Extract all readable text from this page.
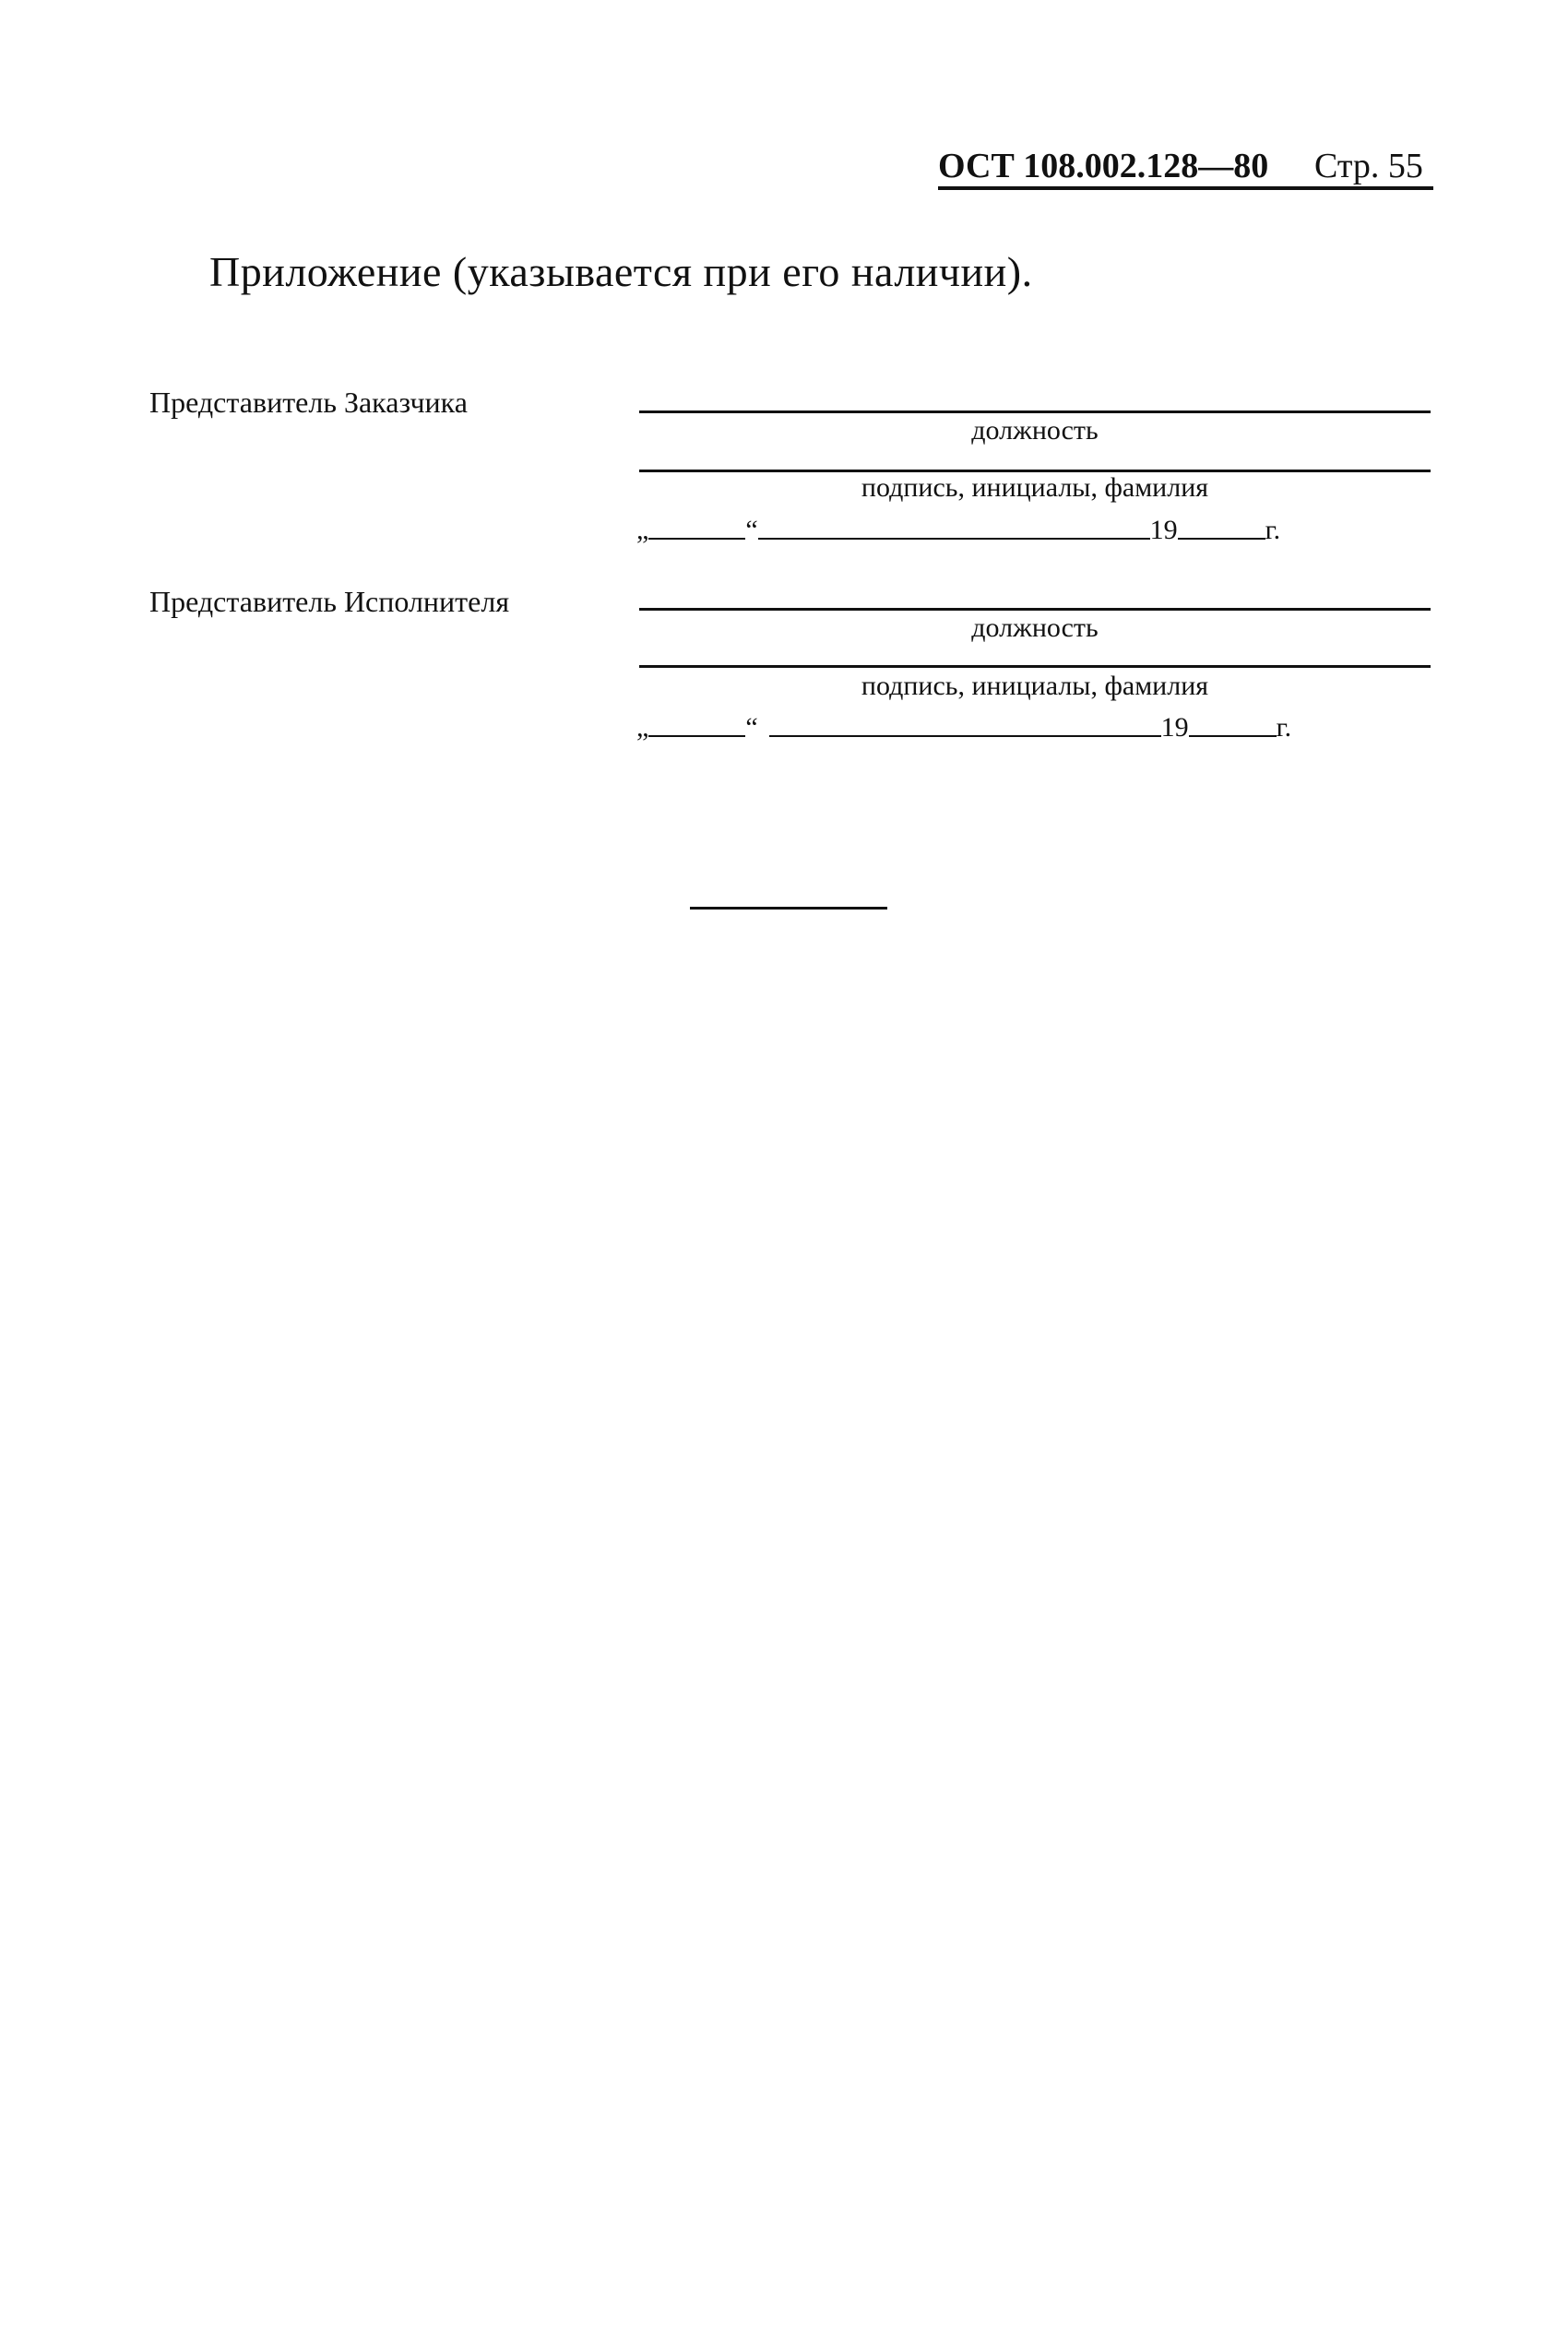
ОСТ 108.002.128—80 Стр. 55
Приложение (указывается при его наличии).
Представитель Заказчика
должность
подпись, инициалы, фамилия
„	“	19	г.
Представитель Исполнителя
должность
подпись, инициалы, фамилия
„	“	19	г.
